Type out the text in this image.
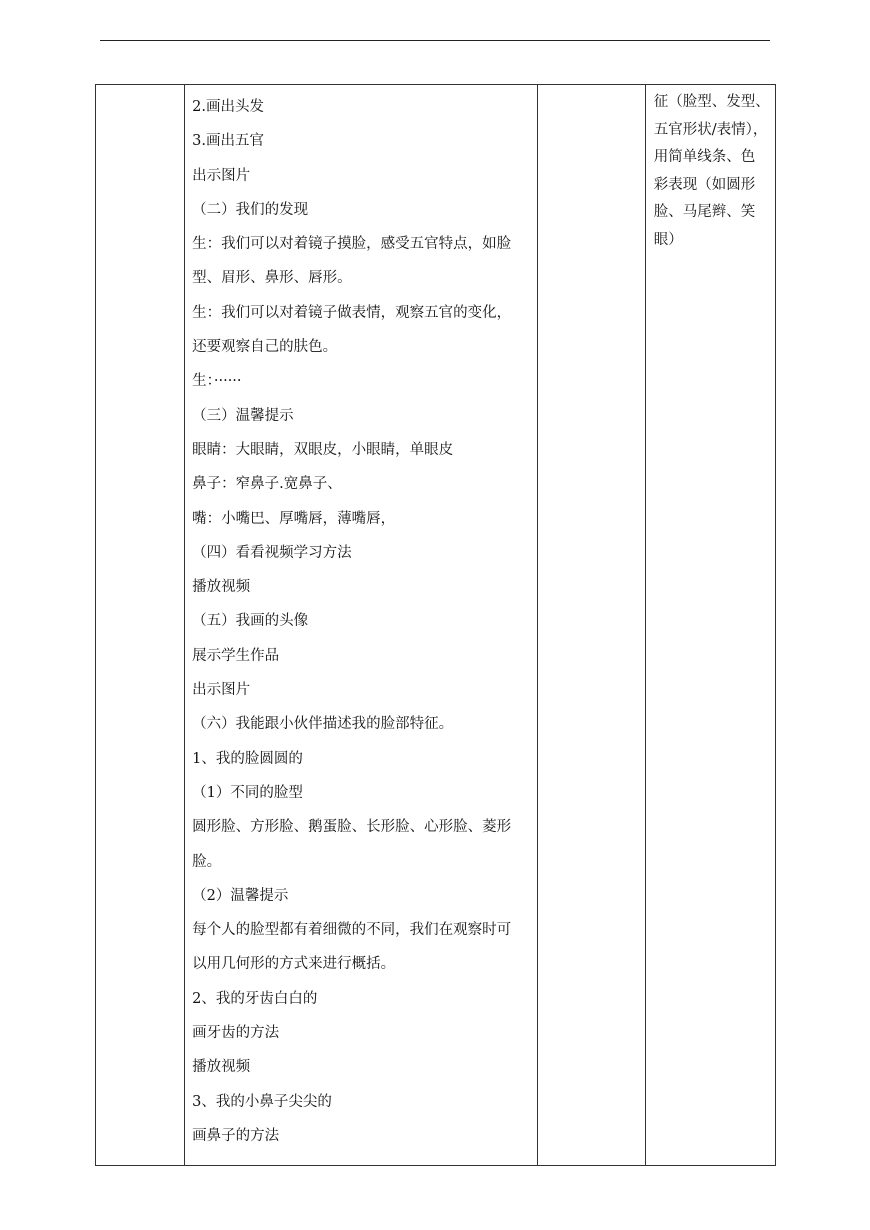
2.画出头发
3.画出五官
出示图片
（二）我们的发现
生：我们可以对着镜子摸脸，感受五官特点，如脸
型、眉形、鼻形、唇形。
生：我们可以对着镜子做表情，观察五官的变化，
还要观察自己的肤色。
生：······
（三）温馨提示
眼睛：大眼睛，双眼皮，小眼睛，单眼皮
鼻子：窄鼻子.宽鼻子、
嘴：小嘴巴、厚嘴唇，薄嘴唇，
（四）看看视频学习方法
播放视频
（五）我画的头像
展示学生作品
出示图片
（六）我能跟小伙伴描述我的脸部特征。
1、我的脸圆圆的
（1）不同的脸型
圆形脸、方形脸、鹅蛋脸、长形脸、心形脸、菱形
脸。
（2）温馨提示
每个人的脸型都有着细微的不同，我们在观察时可
以用几何形的方式来进行概括。
2、我的牙齿白白的
画牙齿的方法
播放视频
3、我的小鼻子尖尖的
画鼻子的方法

征（脸型、发型、
五官形状/表情），
用简单线条、色
彩表现（如圆形
脸、马尾辫、笑
眼）
